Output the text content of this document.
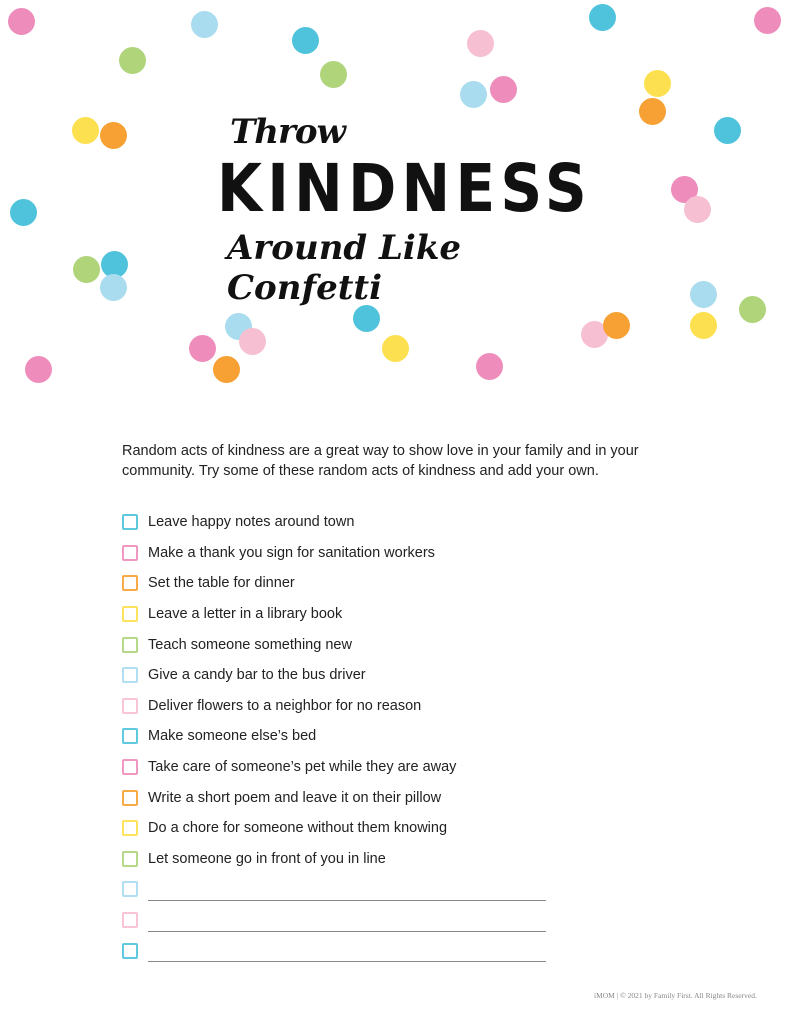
Throw
KINDNESS
Around Like Confetti

Random acts of kindness are a great way to show love in your family and in your community. Try some of these random acts of kindness and add your own.

Leave happy notes around town
Make a thank you sign for sanitation workers
Set the table for dinner
Leave a letter in a library book
Teach someone something new
Give a candy bar to the bus driver
Deliver flowers to a neighbor for no reason
Make someone else’s bed
Take care of someone’s pet while they are away
Write a short poem and leave it on their pillow
Do a chore for someone without them knowing
Let someone go in front of you in line
iMOM | © 2021 by Family First. All Rights Reserved.
